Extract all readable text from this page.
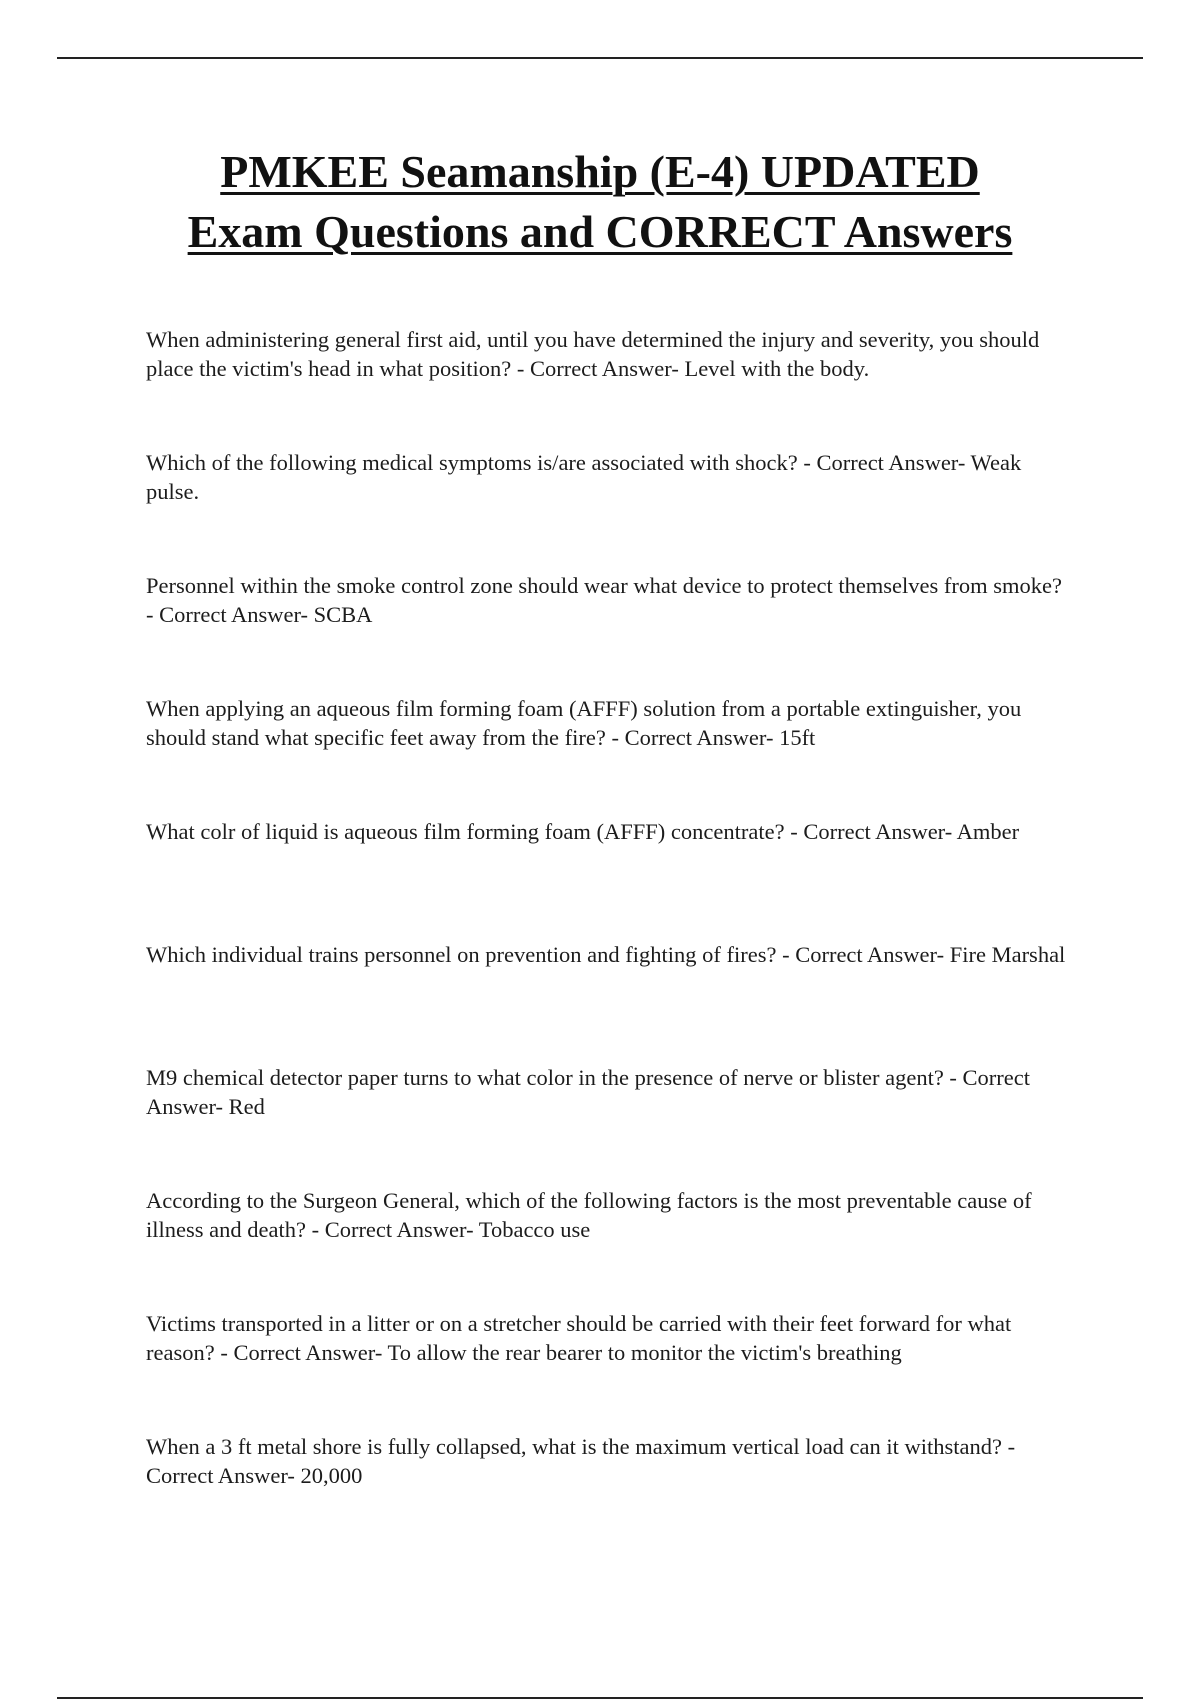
PMKEE Seamanship (E-4) UPDATED
Exam Questions and CORRECT Answers
When administering general first aid, until you have determined the injury and severity, you should place the victim's head in what position? - Correct Answer- Level with the body.
Which of the following medical symptoms is/are associated with shock? - Correct Answer- Weak pulse.
Personnel within the smoke control zone should wear what device to protect themselves from smoke? - Correct Answer- SCBA
When applying an aqueous film forming foam (AFFF) solution from a portable extinguisher, you should stand what specific feet away from the fire? - Correct Answer- 15ft
What colr of liquid is aqueous film forming foam (AFFF) concentrate? - Correct Answer- Amber
Which individual trains personnel on prevention and fighting of fires? - Correct Answer- Fire Marshal
M9 chemical detector paper turns to what color in the presence of nerve or blister agent? - Correct Answer- Red
According to the Surgeon General, which of the following factors is the most preventable cause of illness and death? - Correct Answer- Tobacco use
Victims transported in a litter or on a stretcher should be carried with their feet forward for what reason? - Correct Answer- To allow the rear bearer to monitor the victim's breathing
When a 3 ft metal shore is fully collapsed, what is the maximum vertical load can it withstand? - Correct Answer- 20,000
